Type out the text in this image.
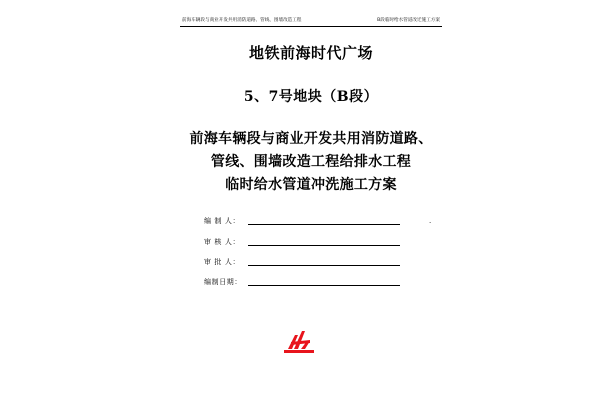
前海车辆段与商业开发共用消防道路、管线、围墙改造工程	B段临时给水管道改迁施工方案
地铁前海时代广场
5、7号地块（B段）
前海车辆段与商业开发共用消防道路、
管线、围墙改造工程给排水工程
临时给水管道冲洗施工方案
编 制 人：	.
审 核 人：
审 批 人：
编制日期：
